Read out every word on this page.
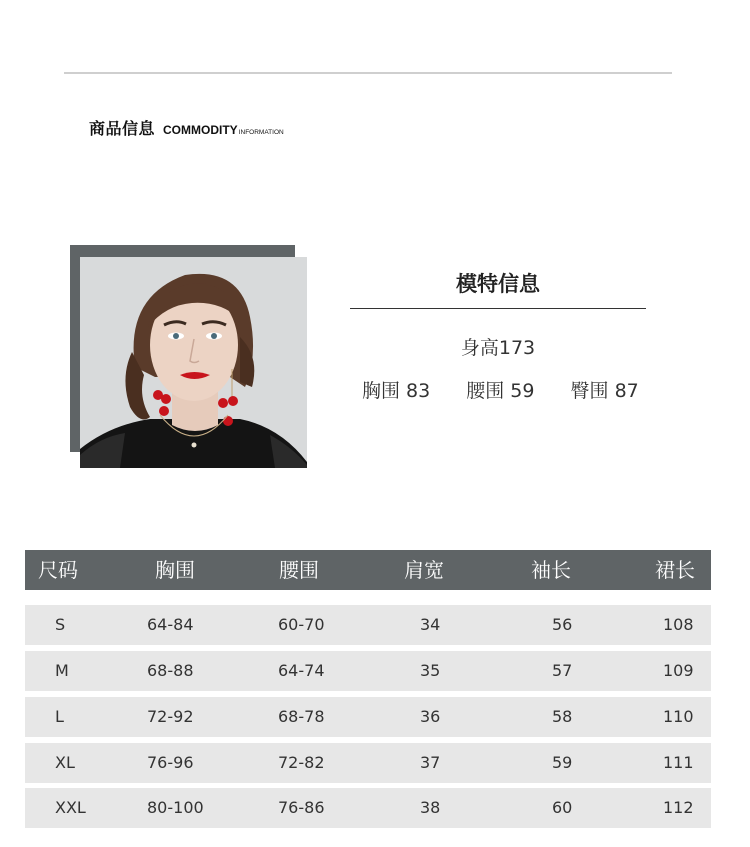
商品信息 COMMODITY INFORMATION
模特信息
身高173
胸围 83 腰围 59 臀围 87
尺码	胸围	腰围	肩宽	袖长	裙长
S	64-84	60-70	34	56	108
M	68-88	64-74	35	57	109
L	72-92	68-78	36	58	110
XL	76-96	72-82	37	59	111
XXL	80-100	76-86	38	60	112
